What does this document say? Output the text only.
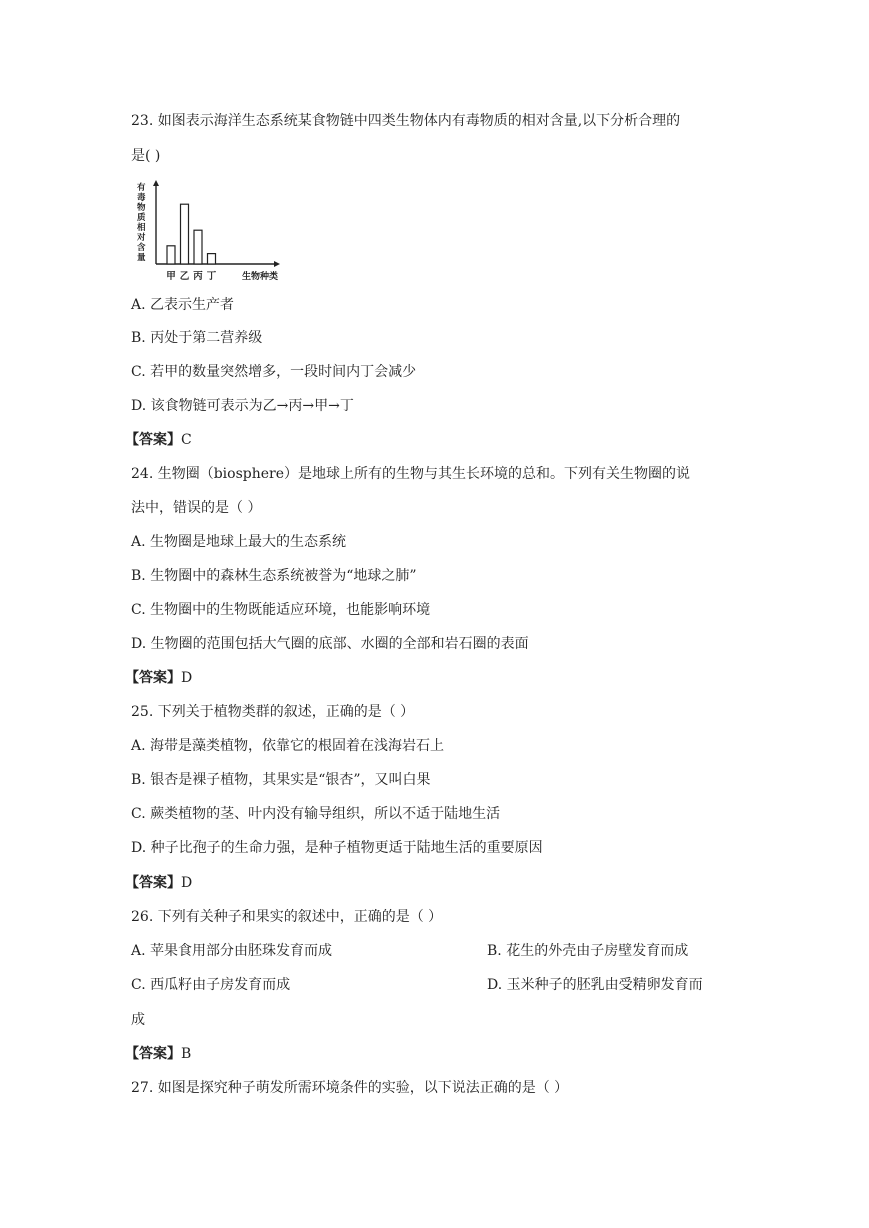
23. 如图表示海洋生态系统某食物链中四类生物体内有毒物质的相对含量,以下分析合理的
是( )
有
毒
物
质
相
对
含
量
甲 乙 丙 丁	生物种类
A. 乙表示生产者
B. 丙处于第二营养级
C. 若甲的数量突然增多，一段时间内丁会减少
D. 该食物链可表示为乙→丙→甲→丁
【答案】C
24. 生物圈（biosphere）是地球上所有的生物与其生长环境的总和。下列有关生物圈的说
法中，错误的是（ ）
A. 生物圈是地球上最大的生态系统
B. 生物圈中的森林生态系统被誉为“地球之肺”
C. 生物圈中的生物既能适应环境，也能影响环境
D. 生物圈的范围包括大气圈的底部、水圈的全部和岩石圈的表面
【答案】D
25. 下列关于植物类群的叙述，正确的是（ ）
A. 海带是藻类植物，依靠它的根固着在浅海岩石上
B. 银杏是裸子植物，其果实是“银杏”，又叫白果
C. 蕨类植物的茎、叶内没有输导组织，所以不适于陆地生活
D. 种子比孢子的生命力强，是种子植物更适于陆地生活的重要原因
【答案】D
26. 下列有关种子和果实的叙述中，正确的是（ ）
A. 苹果食用部分由胚珠发育而成	B. 花生的外壳由子房壁发育而成
C. 西瓜籽由子房发育而成	D. 玉米种子的胚乳由受精卵发育而
成
【答案】B
27. 如图是探究种子萌发所需环境条件的实验，以下说法正确的是（ ）
